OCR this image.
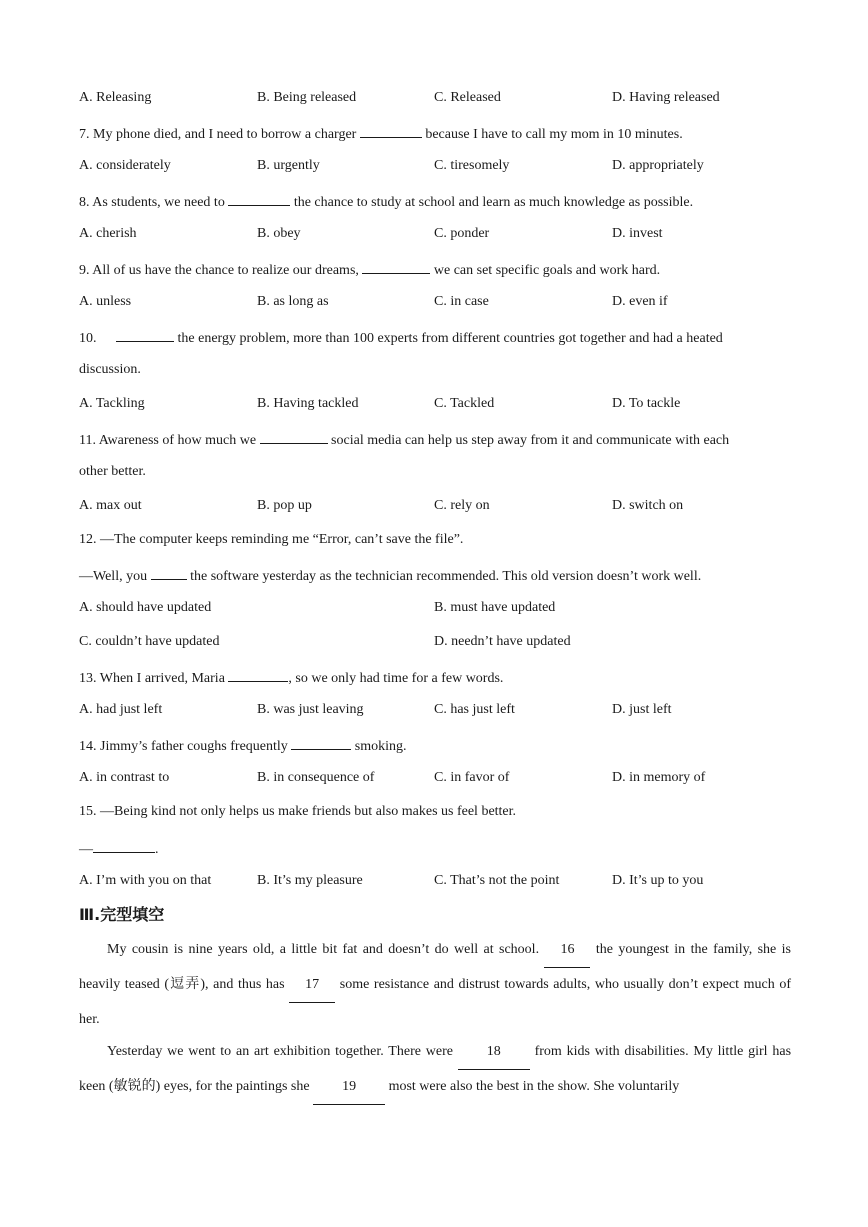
A. Releasing	B. Being released	C. Released	D. Having released
7. My phone died, and I need to borrow a charger	because I have to call my mom in 10 minutes.
A. considerately	B. urgently	C. tiresomely	D. appropriately
8. As students, we need to	the chance to study at school and learn as much knowledge as possible.
A. cherish	B. obey	C. ponder	D. invest
9. All of us have the chance to realize our dreams,	we can set specific goals and work hard.
A. unless	B. as long as	C. in case	D. even if
10.	the energy problem, more than 100 experts from different countries got together and had a heated
discussion.
A. Tackling	B. Having tackled	C. Tackled	D. To tackle
11. Awareness of how much we	social media can help us step away from it and communicate with each
other better.
A. max out	B. pop up	C. rely on	D. switch on
12. —The computer keeps reminding me “Error, can’t save the file”.
—Well, you	the software yesterday as the technician recommended. This old version doesn’t work well.
A. should have updated	B. must have updated
C. couldn’t have updated	D. needn’t have updated
13. When I arrived, Maria	, so we only had time for a few words.
A. had just left	B. was just leaving	C. has just left	D. just left
14. Jimmy’s father coughs frequently	smoking.
A. in contrast to	B. in consequence of	C. in favor of	D. in memory of
15. —Being kind not only helps us make friends but also makes us feel better.
—	.
A. I’m with you on that	B. It’s my pleasure	C. That’s not the point	D. It’s up to you
Ⅲ.完型填空
My cousin is nine years old, a little bit fat and doesn’t do well at school. 16 the youngest in the family, she is heavily teased (逗弄), and thus has 17 some resistance and distrust towards adults, who usually don’t expect much of her.
Yesterday we went to an art exhibition together. There were 18 from kids with disabilities. My little girl has keen (敏锐的) eyes, for the paintings she 19 most were also the best in the show. She voluntarily
